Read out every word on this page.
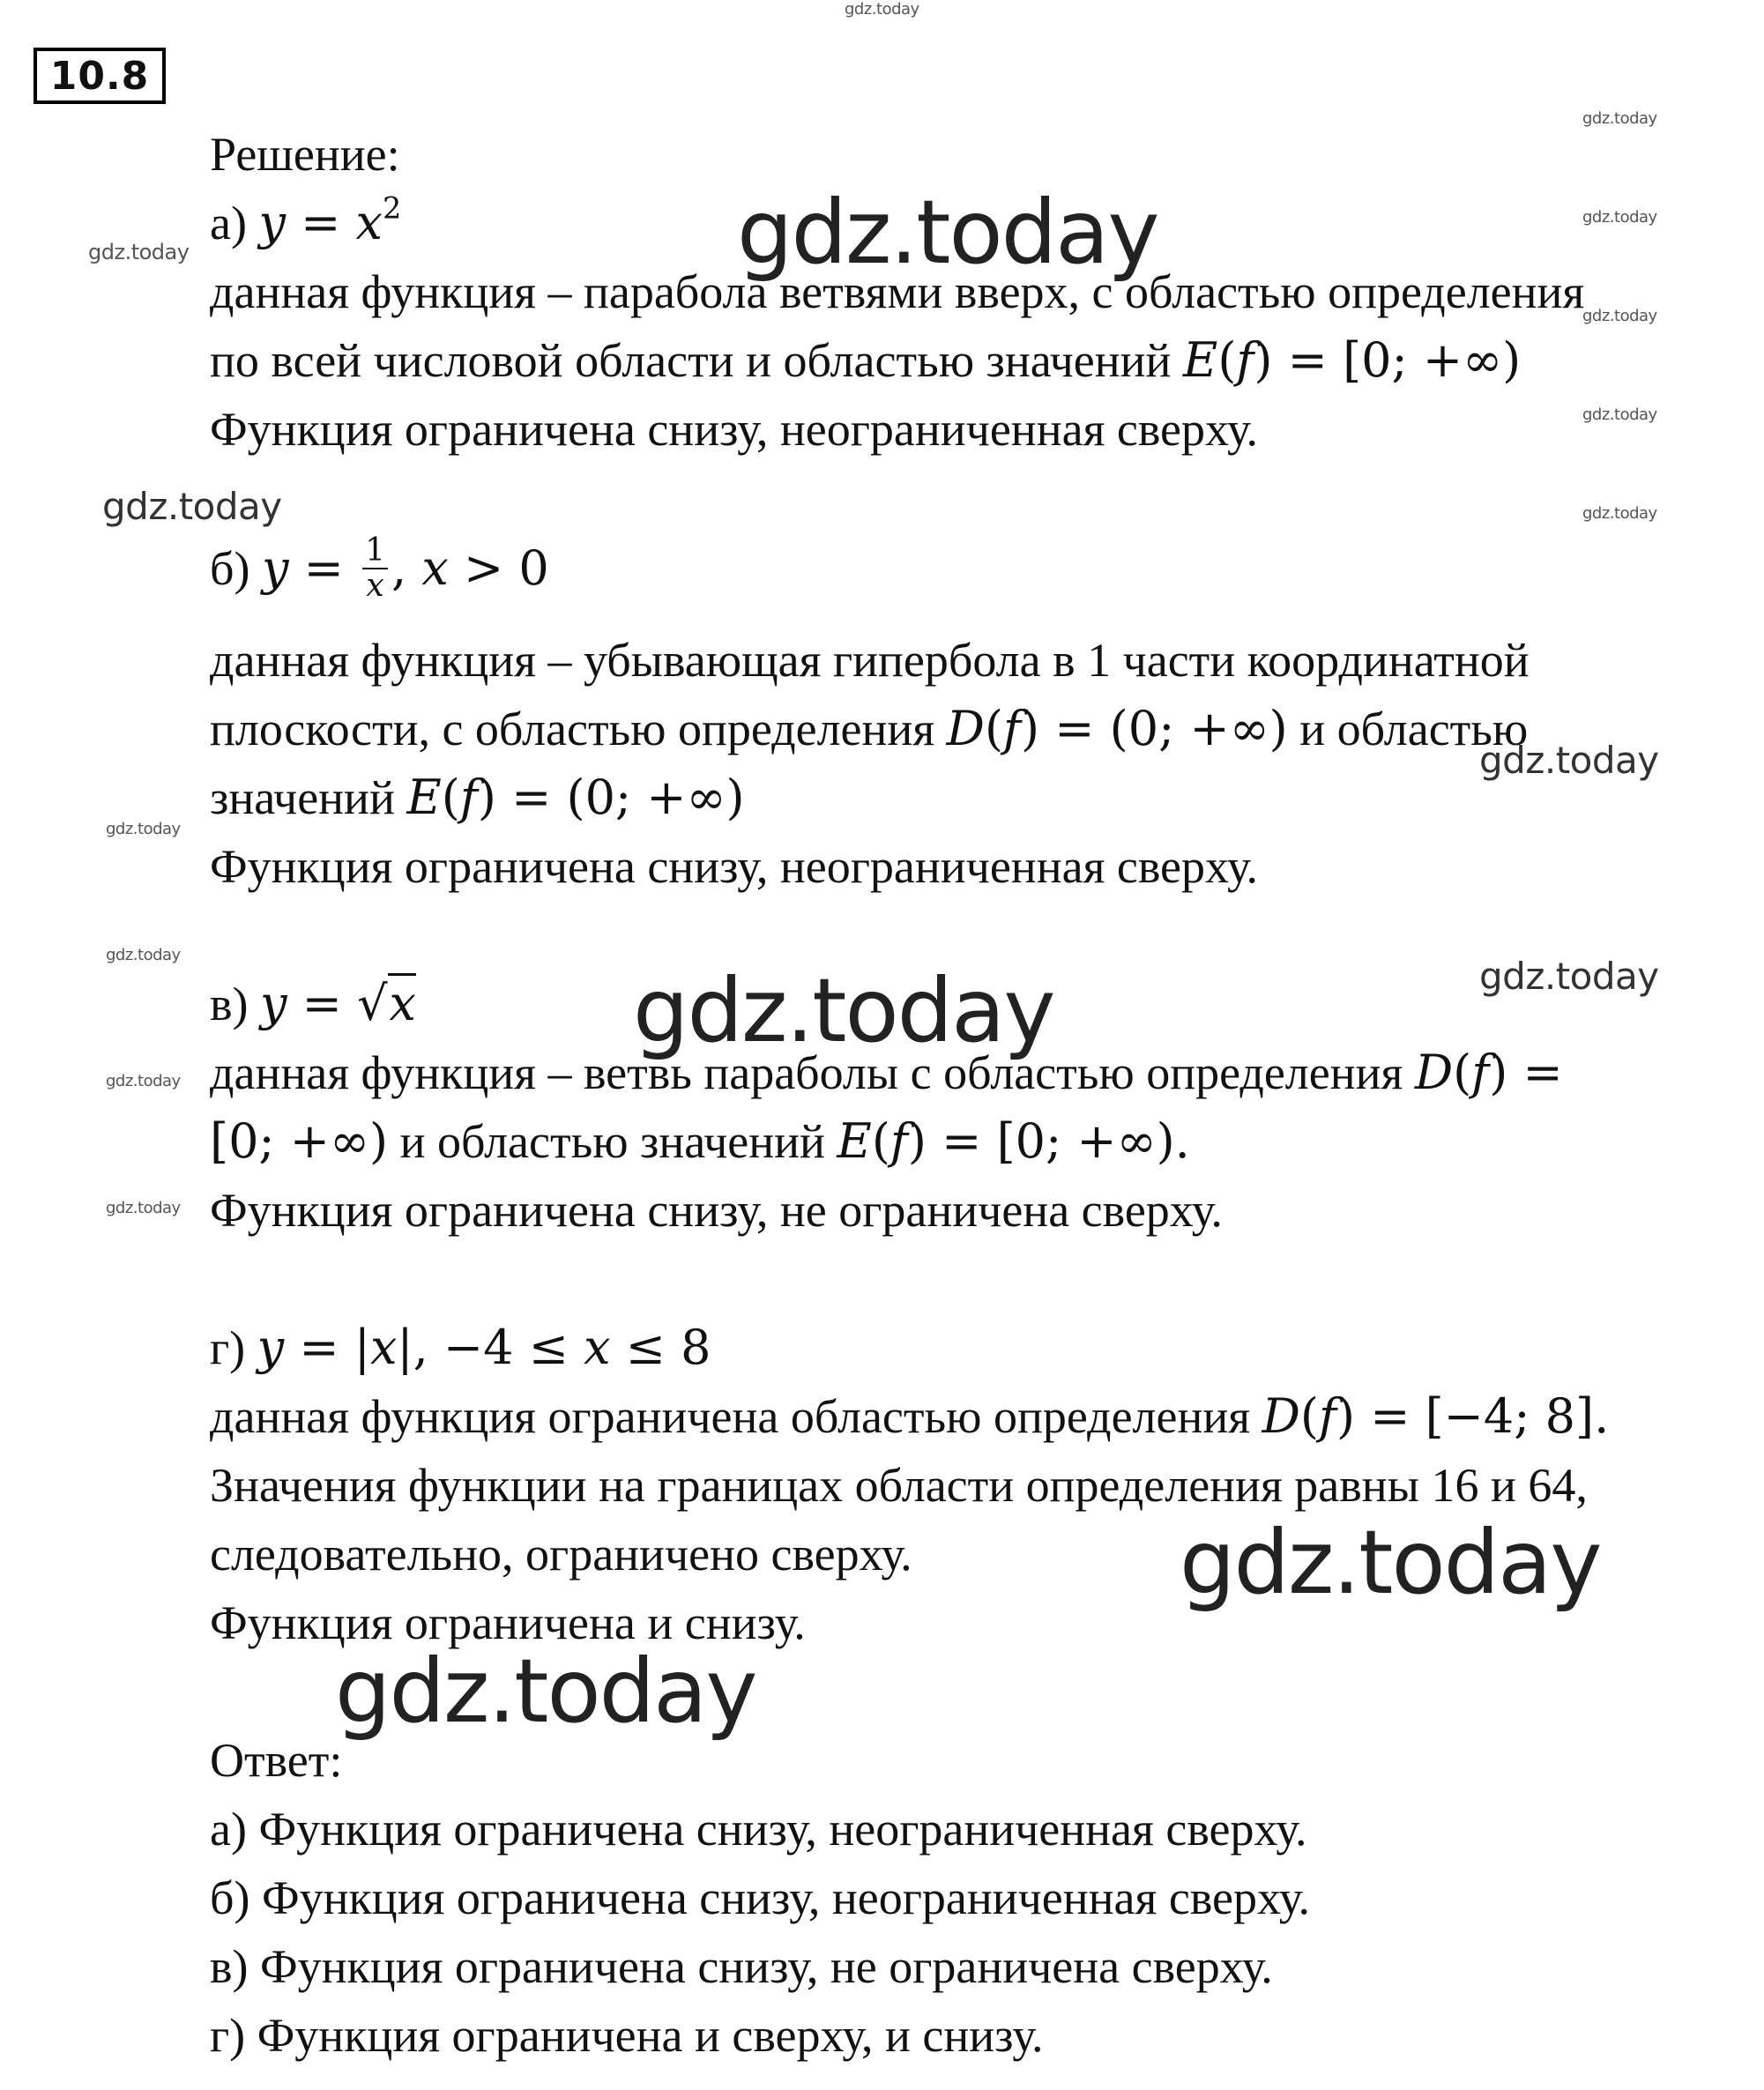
gdz.today
gdz.today
gdz.today
gdz.today
gdz.today
gdz.today
gdz.today
gdz.today
gdz.today
gdz.today
gdz.today
gdz.today
gdz.today
gdz.today
gdz.today
gdz.today
gdz.today
gdz.today
10.8
Решение:
а) $y = x^2$
данная функция – парабола ветвями вверх, с областью определения
по всей числовой области и областью значений E(f) = [0; +∞)
Функция ограничена снизу, неограниченная сверху.
б) $y = \frac{1}{x}$ , x > 0
данная функция – убывающая гипербола в 1 части координатной
плоскости, с областью определения D(f) = (0; +∞) и областью
значений E(f) = (0; +∞)
Функция ограничена снизу, неограниченная сверху.
в) y = √x
данная функция – ветвь параболы с областью определения D(f) =
[0; +∞) и областью значений E(f) = [0; +∞).
Функция ограничена снизу, не ограничена сверху.
г) y = |x|, −4 ≤ x ≤ 8
данная функция ограничена областью определения D(f) = [−4; 8].
Значения функции на границах области определения равны 16 и 64,
следовательно, ограничено сверху.
Функция ограничена и снизу.
Ответ:
а) Функция ограничена снизу, неограниченная сверху.
б) Функция ограничена снизу, неограниченная сверху.
в) Функция ограничена снизу, не ограничена сверху.
г) Функция ограничена и сверху, и снизу.
